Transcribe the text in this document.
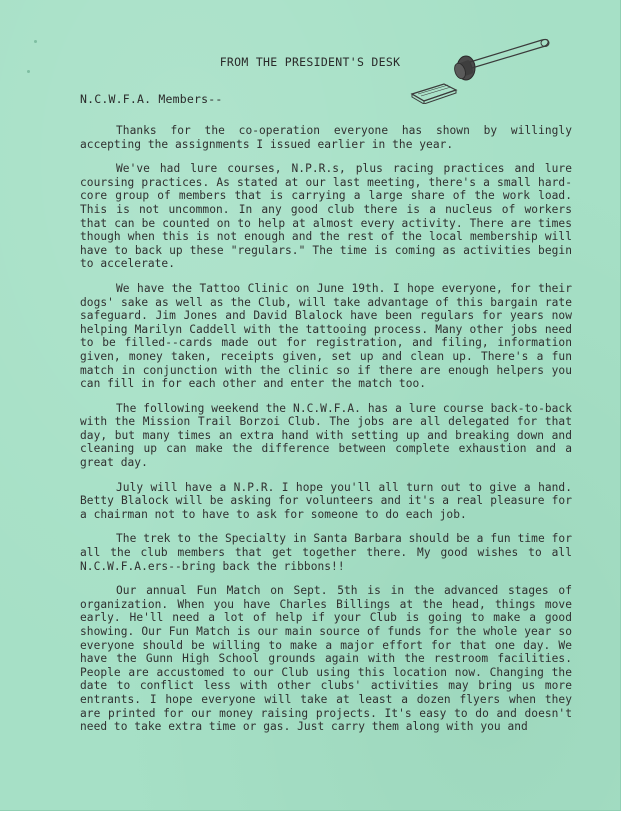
FROM THE PRESIDENT'S DESK
N.C.W.F.A. Members--

Thanks for the co-operation everyone has shown by willingly accepting the assignments I issued earlier in the year.

We've had lure courses, N.P.R.s, plus racing practices and lure coursing practices. As stated at our last meeting, there's a small hard-core group of members that is carrying a large share of the work load. This is not uncommon. In any good club there is a nucleus of workers that can be counted on to help at almost every activity. There are times though when this is not enough and the rest of the local membership will have to back up these "regulars." The time is coming as activities begin to accelerate.

We have the Tattoo Clinic on June 19th. I hope everyone, for their dogs' sake as well as the Club, will take advantage of this bargain rate safeguard. Jim Jones and David Blalock have been regulars for years now helping Marilyn Caddell with the tattooing process. Many other jobs need to be filled--cards made out for registration, and filing, information given, money taken, receipts given, set up and clean up. There's a fun match in conjunction with the clinic so if there are enough helpers you can fill in for each other and enter the match too.

The following weekend the N.C.W.F.A. has a lure course back-to-back with the Mission Trail Borzoi Club. The jobs are all delegated for that day, but many times an extra hand with setting up and breaking down and cleaning up can make the difference between complete exhaustion and a great day.

July will have a N.P.R. I hope you'll all turn out to give a hand. Betty Blalock will be asking for volunteers and it's a real pleasure for a chairman not to have to ask for someone to do each job.

The trek to the Specialty in Santa Barbara should be a fun time for all the club members that get together there. My good wishes to all N.C.W.F.A.ers--bring back the ribbons!!

Our annual Fun Match on Sept. 5th is in the advanced stages of organization. When you have Charles Billings at the head, things move early. He'll need a lot of help if your Club is going to make a good showing. Our Fun Match is our main source of funds for the whole year so everyone should be willing to make a major effort for that one day. We have the Gunn High School grounds again with the restroom facilities. People are accustomed to our Club using this location now. Changing the date to conflict less with other clubs' activities may bring us more entrants. I hope everyone will take at least a dozen flyers when they are printed for our money raising projects. It's easy to do and doesn't need to take extra time or gas. Just carry them along with you and
